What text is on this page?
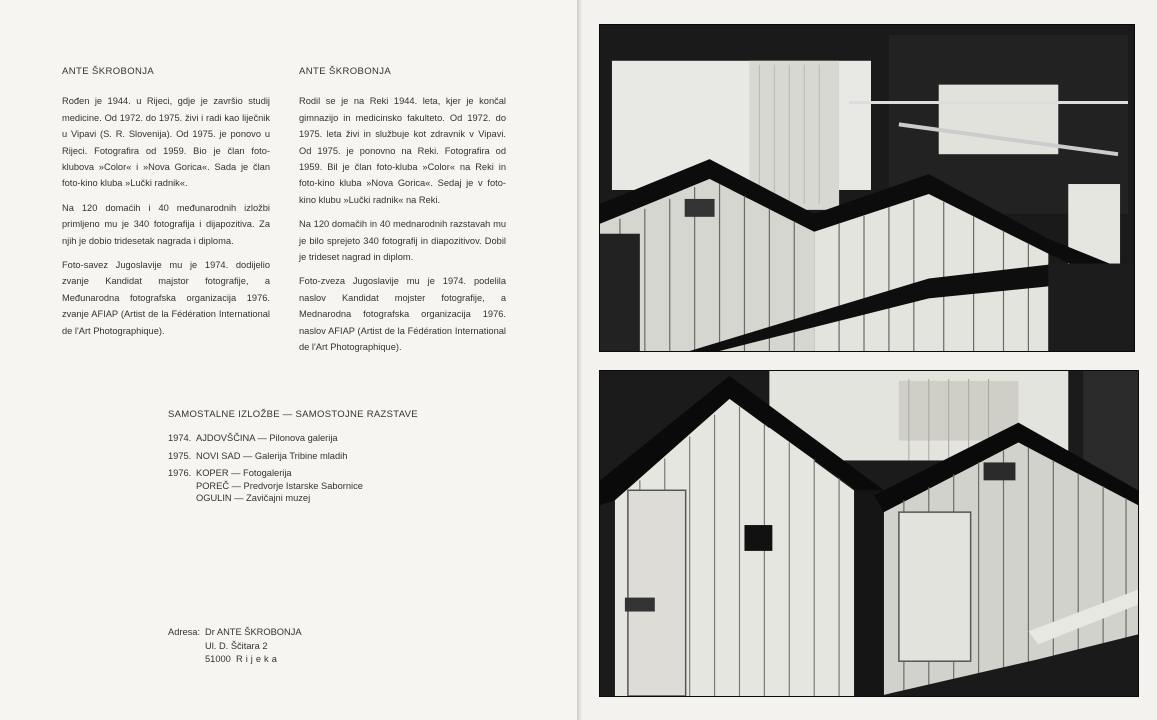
ANTE ŠKROBONJA

Rođen je 1944. u Rijeci, gdje je završio studij medicine. Od 1972. do 1975. živi i radi kao liječnik u Vipavi (S. R. Slovenija). Od 1975. je ponovo u Rijeci. Fotografira od 1959. Bio je član foto-klubova »Color« i »Nova Gorica«. Sada je član foto-kino kluba »Lučki radnik«.

Na 120 domaćih i 40 međunarodnih izložbi primljeno mu je 340 fotografija i dijapozitiva. Za njih je dobio tridesetak nagrada i diploma.

Foto-savez Jugoslavije mu je 1974. dodijelio zvanje Kandidat majstor fotografije, a Međunarodna fotografska organizacija 1976. zvanje AFIAP (Artist de la Fédération International de l'Art Photographique).

ANTE ŠKROBONJA

Rodil se je na Reki 1944. leta, kjer je končal gimnazijo in medicinsko fakulteto. Od 1972. do 1975. leta živi in službuje kot zdravnik v Vipavi. Od 1975. je ponovno na Reki. Fotografira od 1959. Bil je član foto-kluba »Color« na Reki in foto-kino kluba »Nova Gorica«. Sedaj je v foto-kino klubu »Lučki radnik« na Reki.

Na 120 domačih in 40 mednarodnih razstavah mu je bilo sprejeto 340 fotografij in diapozitivov. Dobil je trideset nagrad in diplom.

Foto-zveza Jugoslavije mu je 1974. podelila naslov Kandidat mojster fotografije, a Mednarodna fotografska organizacija 1976. naslov AFIAP (Artist de la Fédération International de l'Art Photographique).

SAMOSTALNE IZLOŽBE — SAMOSTOJNE RAZSTAVE
1974. AJDOVŠČINA — Pilonova galerija
1975. NOVI SAD — Galerija Tribine mladih
1976. KOPER — Fotogalerija
POREČ — Predvorje Istarske Sabornice
OGULIN — Zavičajni muzej
Adresa: Dr ANTE ŠKROBONJA
Ul. D. Ščitara 2
51000 Rijeka
